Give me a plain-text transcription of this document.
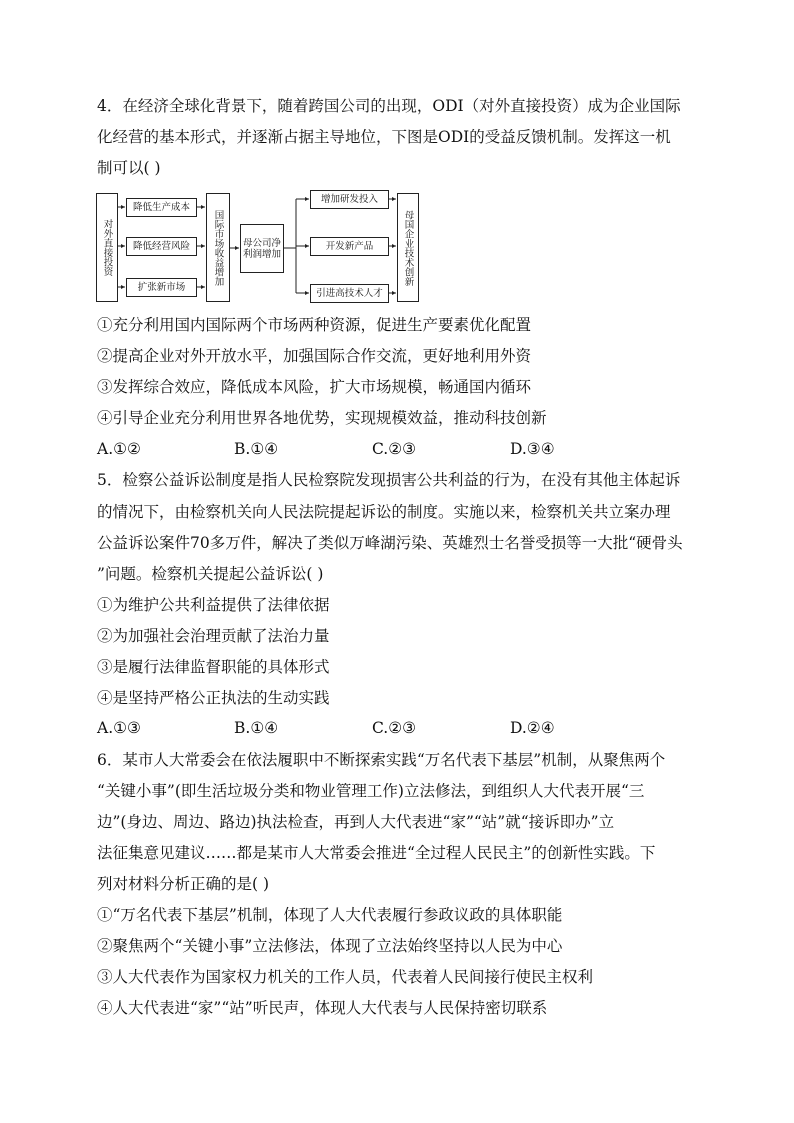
4．在经济全球化背景下，随着跨国公司的出现，ODI（对外直接投资）成为企业国际
化经营的基本形式，并逐渐占据主导地位，下图是ODI的受益反馈机制。发挥这一机
制可以( )
对外直接投资
降低生产成本
降低经营风险
扩张新市场
国际市场收益增加	母公司净利润增加
增加研发投入
开发新产品
引进高技术人才
母国企业技术创新
①充分利用国内国际两个市场两种资源，促进生产要素优化配置
②提高企业对外开放水平，加强国际合作交流，更好地利用外资
③发挥综合效应，降低成本风险，扩大市场规模，畅通国内循环
④引导企业充分利用世界各地优势，实现规模效益，推动科技创新
A.①②	B.①④	C.②③	D.③④
5．检察公益诉讼制度是指人民检察院发现损害公共利益的行为，在没有其他主体起诉
的情况下，由检察机关向人民法院提起诉讼的制度。实施以来，检察机关共立案办理
公益诉讼案件70多万件，解决了类似万峰湖污染、英雄烈士名誉受损等一大批“硬骨头
”问题。检察机关提起公益诉讼( )
①为维护公共利益提供了法律依据
②为加强社会治理贡献了法治力量
③是履行法律监督职能的具体形式
④是坚持严格公正执法的生动实践
A.①③	B.①④	C.②③	D.②④
6．某市人大常委会在依法履职中不断探索实践“万名代表下基层”机制，从聚焦两个
“关键小事”(即生活垃圾分类和物业管理工作)立法修法，到组织人大代表开展“三
边”(身边、周边、路边)执法检查，再到人大代表进“家”“站”就“接诉即办”立
法征集意见建议……都是某市人大常委会推进“全过程人民民主”的创新性实践。下
列对材料分析正确的是( )
①“万名代表下基层”机制，体现了人大代表履行参政议政的具体职能
②聚焦两个“关键小事”立法修法，体现了立法始终坚持以人民为中心
③人大代表作为国家权力机关的工作人员，代表着人民间接行使民主权利
④人大代表进“家”“站”听民声，体现人大代表与人民保持密切联系
